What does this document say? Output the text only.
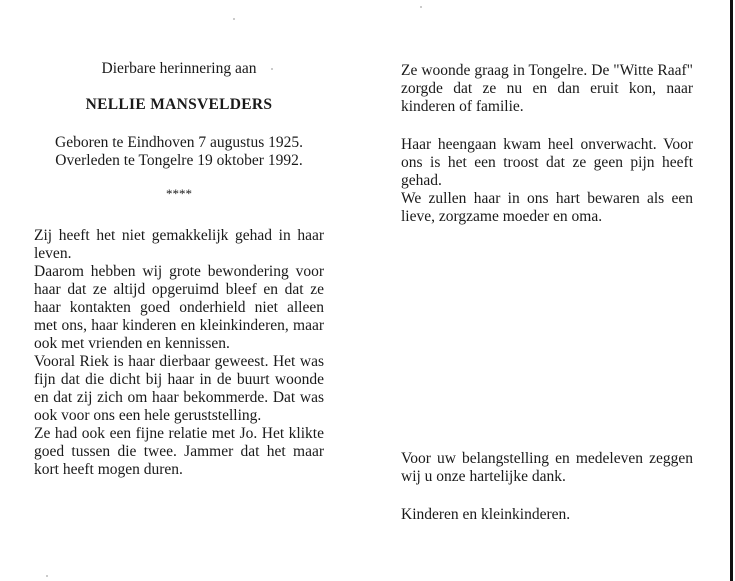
Dierbare herinnering aan

NELLIE MANSVELDERS

Geboren te Eindhoven 7 augustus 1925.

Overleden te Tongelre 19 oktober 1992.

****

Zij heeft het niet gemakkelijk gehad in haar leven.

Daarom hebben wij grote bewondering voor haar dat ze altijd opgeruimd bleef en dat ze haar kontakten goed onderhield niet alleen met ons, haar kinderen en kleinkinderen, maar ook met vrienden en kennissen.

Vooral Riek is haar dierbaar geweest. Het was fijn dat die dicht bij haar in de buurt woonde en dat zij zich om haar bekommerde. Dat was ook voor ons een hele geruststelling.

Ze had ook een fijne relatie met Jo. Het klikte goed tussen die twee. Jammer dat het maar kort heeft mogen duren.

Ze woonde graag in Tongelre. De "Witte Raaf" zorgde dat ze nu en dan eruit kon, naar kinderen of familie.

Haar heengaan kwam heel onverwacht. Voor ons is het een troost dat ze geen pijn heeft gehad.

We zullen haar in ons hart bewaren als een lieve, zorgzame moeder en oma.

Voor uw belangstelling en medeleven zeggen wij u onze hartelijke dank.

Kinderen en kleinkinderen.
